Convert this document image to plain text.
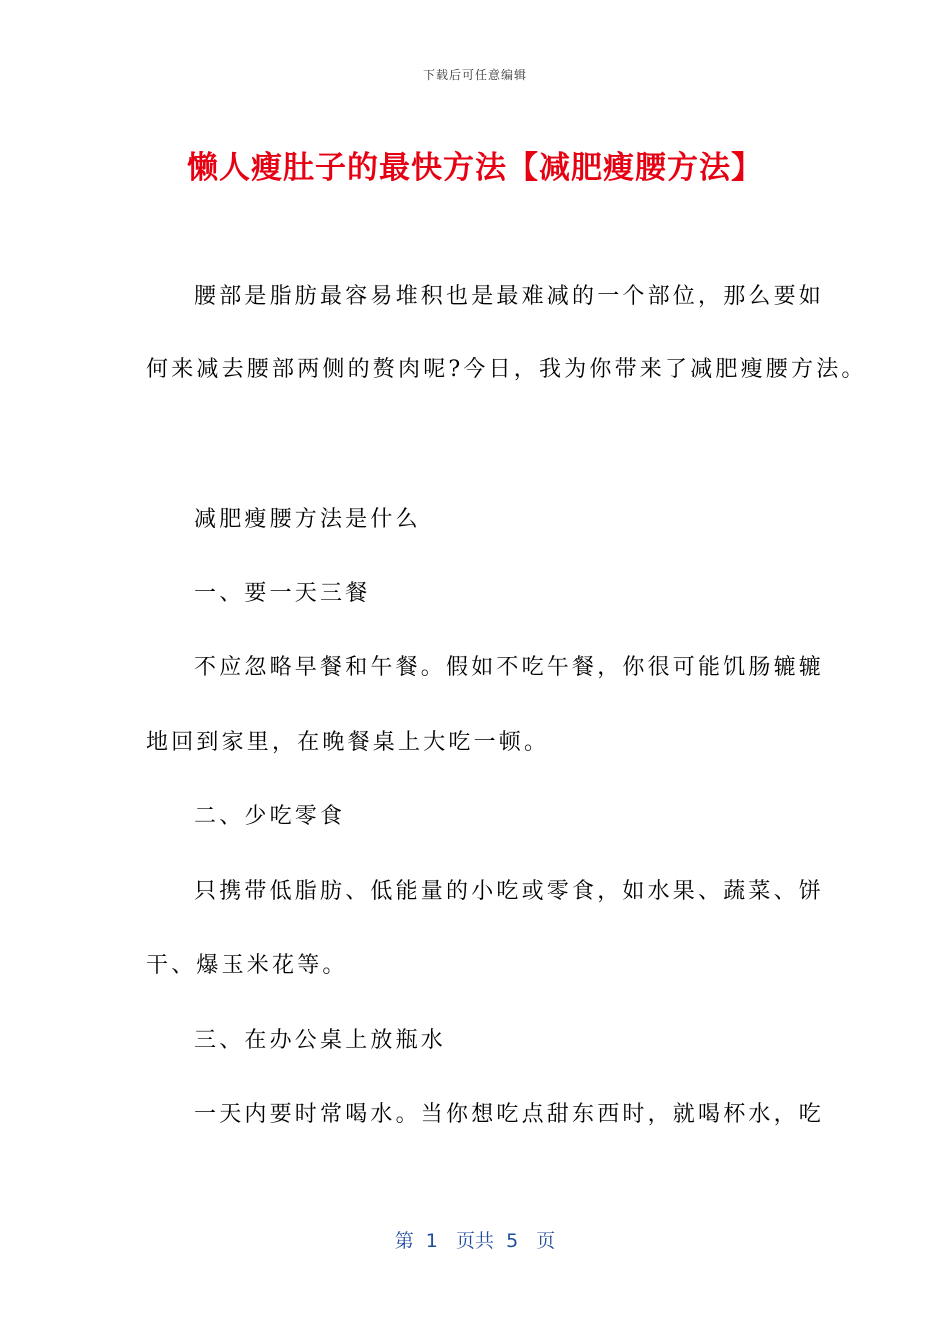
下载后可任意编辑
懒人瘦肚子的最快方法【减肥瘦腰方法】
腰部是脂肪最容易堆积也是最难减的一个部位，那么要如
何来减去腰部两侧的赘肉呢?今日，我为你带来了减肥瘦腰方法。
减肥瘦腰方法是什么
一、要一天三餐
不应忽略早餐和午餐。假如不吃午餐，你很可能饥肠辘辘
地回到家里，在晚餐桌上大吃一顿。
二、少吃零食
只携带低脂肪、低能量的小吃或零食，如水果、蔬菜、饼
干、爆玉米花等。
三、在办公桌上放瓶水
一天内要时常喝水。当你想吃点甜东西时，就喝杯水，吃
第  1   页共  5   页
